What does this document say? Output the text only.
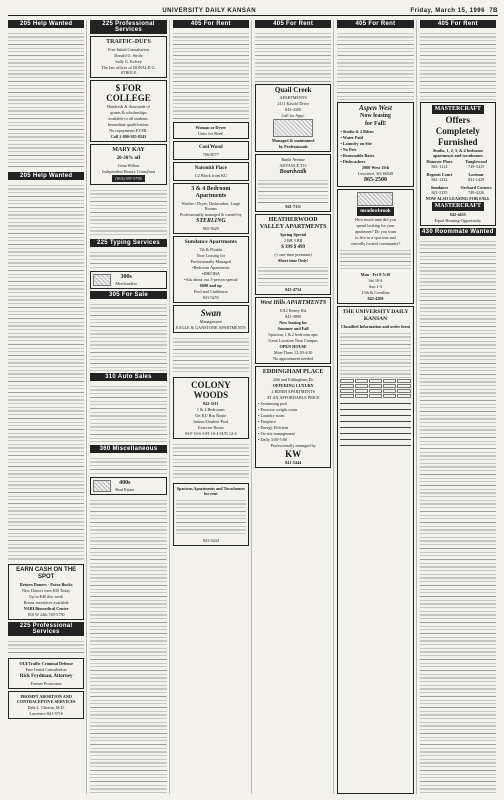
UNIVERSITY DAILY KANSAN	Friday, March 15, 1996 7B
205 Help Wanted
205 Help Wanted
EARN CASH ON THE SPOT
Return Donors - Extra Bucks
New Donors earn $30 Today
Up to $40 this week
Bonus incentives available
NABI Biomedical Center
816 W 24th 749-5750
225 Professional Services
OUI/Traffic Criminal Defense
Free Initial Consultation
Rick Frydman, Attorney
Former Prosecutor
PROMPT ABORTION AND CONTRACEPTIVE SERVICES
Dale L. Clinton, M.D.
Lawrence 841-5716
225 Professional Services
TRAFFIC-DUI'S
Free Initial Consultation
Donald G. Strole
Sally G. Kelsey
The law offices of DONALD G. STROLE
$ FOR COLLEGE
Hundreds & thousands of
grants & scholarships
available to all students.
Immediate qualification.
No repayments EVER.
Call 1-800-585-8243
MARY KAY
20-30% off
Gena Wilbur
Independent Beauty Consultant
(913) 597-5758
225 Typing Services
300s
Merchandise
305 For Sale
310 Auto Sales
360 Miscellaneous
400s
Real Estate
405 For Rent
Woman or Dryer
Units for Rent!
Cool Wood
766-8577
Naismith Place
1/2 Block from KU
3 & 4 Bedroom Apartments
Washer / Dryer, Dishwasher, Large Rooms
Professionally managed & owned by
STERLING
865-5629
Sundance Apartments
7th & Florida
Now Leasing for
Professionally Managed
•Bedroom Apartments
•4BR/3BA
•Ask about our 3-person special
$690 and up
Pool and Clubhouse
841-5255
Swan
Management
EAGLE & GANSTONE APARTMENTS
COLONY WOODS
842-5111
1 & 2 Bedrooms
On KU Bus Route
Indoor/Outdoor Pool
Exercise Room
M-F 10-6 SAT 10-4 SUN 12-4
Spacious Apartments and Townhomes for rent
841-5444
405 For Rent
Quail Creek
APARTMENTS
2111 Kasold Drive
843-4300
Call for Appt.
Managed & maintained
by Professionals
Battle Avenue
ADVANCE TO:
Boardwalk
841-7111
HEATHERWOOD VALLEY APARTMENTS
Spring Special
2 BR 3 BR
$ 399 $ 499
(+ one-time premium)
Short time Only!
843-4754
West Hills APARTMENTS
1012 Emery Rd.
841-3800
Now leasing for
Summer and Fall
Spacious 1 & 2 bedroom apts
Great Location Near Campus
OPEN HOUSE
Mon-Thurs 12:30-4:30
No appointment needed
EDDINGHAM PLACE
24th and Eddingham Dr.
OFFERING LUXURY
2 BDRM APARTMENTS
AT AN AFFORDABLE PRICE
• Swimming pool
• Exercise weight room
• Laundry room
• Fireplace
• Energy Efficient
• On site management
• Daily 3:00-5:00
Professionally managed by
KW
841-5444
405 For Rent
Aspen West
Now leasing
for Fall!
• Studio & 2 Bdrm
• Water Paid
• Laundry on Site
• No Pets
• Reasonable Rates
• Dishwashers
2900 West 15th
Lawrence, KS 66049
865-2500
meadowbrook
How much time did you
spend looking for your
apartment? Do you want
to live in a spacious and
centrally located community?
Mon - Fri 8-5:30
Sat 10-4
Sun 1-4
15th & Crestline
842-4200
THE UNIVERSITY DAILY KANSAN
Classified Information and order form
405 For Rent
MASTERCRAFT
Offers
Completely
Furnished
Studio, 1, 2, 3, & 4 bedroom apartments and townhomes
Hanover Place
841-1212
Tanglewood
749-3415
Regents Court
841-1212
Lorimar
841-1429
Sundance
841-5255
Orchard Corners
749-4226
NOW ALSO LEASING FOR FALL
MASTERCRAFT
842-4455
Equal Housing Opportunity
430 Roommate Wanted
